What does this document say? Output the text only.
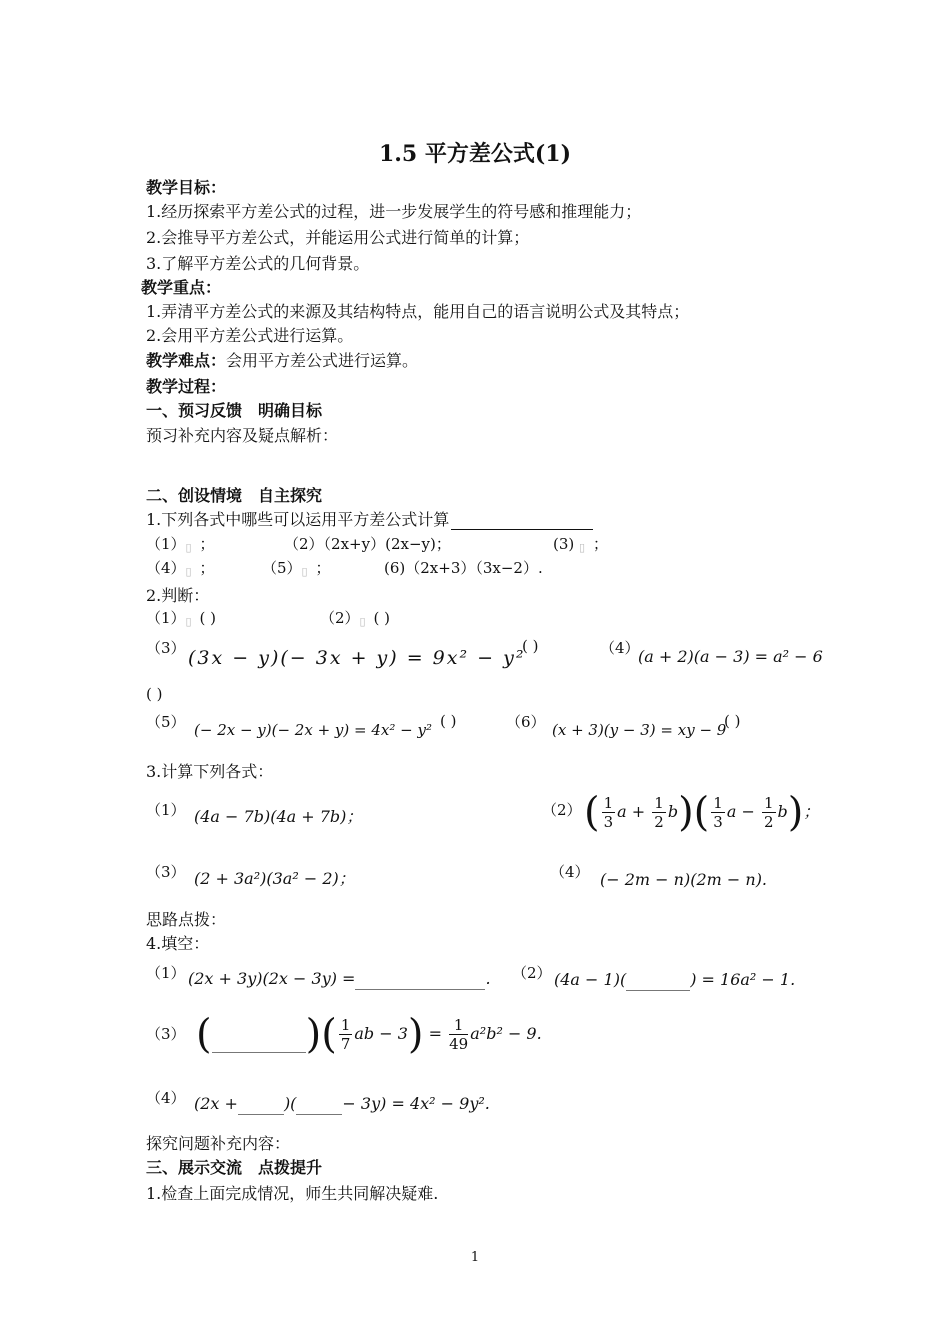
1.5 平方差公式(1)
教学目标：
1.经历探索平方差公式的过程，进一步发展学生的符号感和推理能力；
2.会推导平方差公式，并能运用公式进行简单的计算；
3.了解平方差公式的几何背景。
教学重点：
1.弄清平方差公式的来源及其结构特点，能用自己的语言说明公式及其特点；
2.会用平方差公式进行运算。
教学难点：会用平方差公式进行运算。
教学过程：
一、预习反馈　明确目标
预习补充内容及疑点解析：
二、创设情境　自主探究
1.下列各式中哪些可以运用平方差公式计算
（1）▯ ；	（2）（2x+y）(2x−y)；	(3) ▯ ；
（4）▯ ；	（5）▯ ；	(6)（2x+3）（3x−2）.
2.判断：
（1）▯ ( )	（2）▯ ( )
（3） (3x − y)(− 3x + y) = 9x² − y²
( )	（4）
(a + 2)(a − 3) = a² − 6
( )
（5） (− 2x − y)(− 2x + y) = 4x² − y² ( )	（6） (x + 3)(y − 3) = xy − 9
( )
3.计算下列各式：
（1） (4a − 7b)(4a + 7b)；	（2） ( $\frac{1}{3}$ $a + \frac{1}{2} b)( \frac{1}{3}$ $a - \frac{1}{2} b$)；
（3） (2 + 3a²)(3a² − 2)；	（4） (− 2m − n)(2m − n).
思路点拨：
4.填空：
（1） (2x + 3y)(2x − 3y) =	. （2） (4a − 1)(	) = 16a² − 1.
（3） ( )( $\frac{1}{7}$ ab − $3) = \frac{1}{49} a^2b^2 - 9$.
（4） (2x +	)(	− 3y) = 4x² − 9y².
探究问题补充内容：
三、展示交流　点拨提升
1.检查上面完成情况，师生共同解决疑难.
1
